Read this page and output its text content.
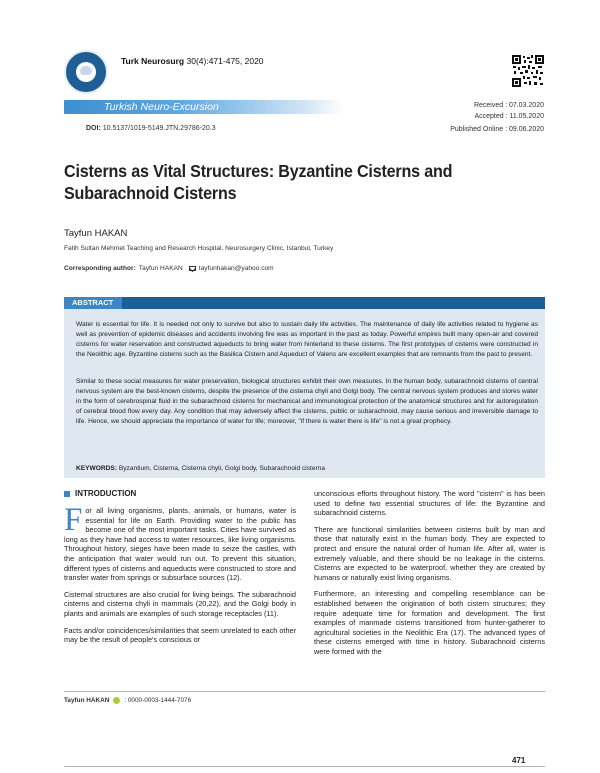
Turk Neurosurg 30(4):471-475, 2020
Turkish Neuro-Excursion
DOI: 10.5137/1019-5149.JTN.29786-20.3
Received : 07.03.2020
Accepted : 11.05.2020
Published Online : 09.06.2020
Cisterns as Vital Structures: Byzantine Cisterns and Subarachnoid Cisterns
Tayfun HAKAN
Fatih Sultan Mehmet Teaching and Research Hospital, Neurosurgery Clinic, Istanbul, Turkey
Corresponding author: Tayfun HAKAN tayfunhakan@yahoo.com
ABSTRACT

Water is essential for life. It is needed not only to survive but also to sustain daily life activities. The maintenance of daily life activities related to hygiene as well as prevention of epidemic diseases and accidents involving fire was as important in the past as today. Powerful empires built many open-air and covered cisterns for water reservation and constructed aqueducts to bring water from hinterland to these cisterns. The first prototypes of cisterns were constructed in the Neolithic age. Byzantine cisterns such as the Basilica Cistern and Aqueduct of Valens are excellent examples that are remnants from the past to present.

Similar to these social measures for water preservation, biological structures exhibit their own measures. In the human body, subarachnoid cisterns of central nervous system are the best-known cisterns, despite the presence of the cisterna chyli and Golgi body. The central nervous system produces and stores water in the form of cerebrospinal fluid in the subarachnoid cisterns for mechanical and immunological protection of the anatomical structures and for autoregulation of cerebral blood flow every day. Any condition that may adversely affect the cisterns, public or subarachnoid, may cause serious and irreversible damage to life. Hence, we should appreciate the importance of water for life; moreover, "if there is water there is life" is not a great prophecy.

KEYWORDS: Byzantium, Cisterna, Cisterna chyli, Golgi body, Subarachnoid cisterna
INTRODUCTION

For all living organisms, plants, animals, or humans, water is essential for life on Earth. Providing water to the public has become one of the most important tasks. Cities have survived as long as they have had access to water resources, like living organisms. Throughout history, sieges have been made to seize the castles, with the anticipation that water would run out. To prevent this situation, different types of cisterns and aqueducts were constructed to store and transfer water from springs or subsurface sources (12).

Cisternal structures are also crucial for living beings. The subarachnoid cisterns and cisterna chyli in mammals (20,22), and the Golgi body in plants and animals are examples of such storage receptacles (11).

Facts and/or coincidences/similarities that seem unrelated to each other may be the result of people's conscious or

unconscious efforts throughout history. The word "cistern" is has been used to define two essential structures of life: the Byzantine and subarachnoid cisterns.

There are functional similarities between cisterns built by man and those that naturally exist in the human body. They are expected to protect and ensure the natural order of human life. After all, water is extremely valuable, and there should be no leakage in the cisterns. Cisterns are expected to be waterproof, whether they are created by humans or naturally exist living organisms.

Furthermore, an interesting and compelling resemblance can be established between the origination of both cistern structures; they require adequate time for formation and development. The first examples of manmade cisterns transitioned from hunter-gatherer to agricultural societies in the Neolithic Era (17). The advanced types of these cisterns emerged with time in history. Subarachnoid cisterns were formed with the

Tayfun HAKAN : 0000-0003-1444-7076
471
